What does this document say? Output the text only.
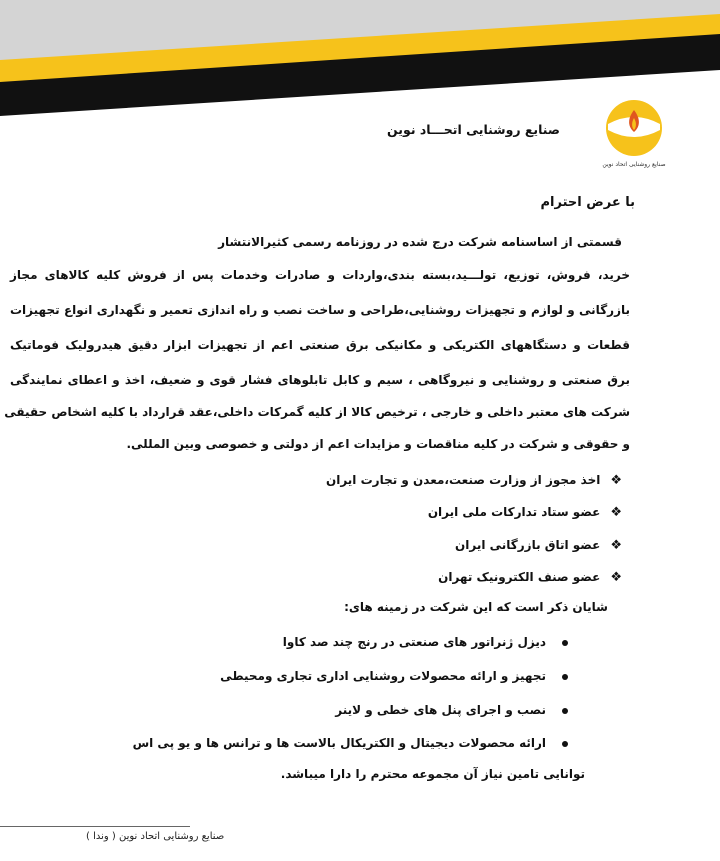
صنایع روشنایی اتحاد نوین
صنایع روشنایی اتحـــاد نوین
با عرض احترام
قسمتی از اساسنامه شرکت درج شده در روزنامه رسمی کثیرالانتشار
خرید، فروش، توزیع، تولـــید،بسته بندی،واردات و صادرات وخدمات پس از فروش کلیه کالاهای مجاز
بازرگانی و لوازم و تجهیزات روشنایی،طراحی و ساخت نصب و راه اندازی تعمیر و نگهداری انواع تجهیزات
قطعات و دستگاههای الکتریکی و مکانیکی برق صنعتی اعم از تجهیزات ابزار دقیق هیدرولیک فوماتیک
برق صنعتی و روشنایی و نیروگاهی ، سیم و کابل تابلوهای فشار قوی و ضعیف، اخذ و اعطای نمایندگی
شرکت های معتبر داخلی و خارجی ، ترخیص کالا از کلیه گمرکات داخلی،عقد قرارداد با کلیه اشخاص حقیقی
و حقوقی و شرکت در کلیه مناقصات و مزایدات اعم از دولتی و خصوصی وبین المللی.
❖اخذ مجوز از وزارت صنعت،معدن و تجارت ایران
❖عضو ستاد تدارکات ملی ایران
❖عضو اتاق بازرگانی ایران
❖عضو صنف الکترونیک تهران
شایان ذکر است که این شرکت در زمینه های:
دیزل ژنراتور های صنعتی در رنج چند صد کاوا
تجهیز و ارائه محصولات روشنایی اداری تجاری ومحیطی
نصب و اجرای پنل های خطی و لاینر
ارائه محصولات دیجیتال و الکتریکال بالاست ها و ترانس ها و یو پی اس
توانایی تامین نیاز آن مجموعه محترم را دارا میباشد.
صنایع روشنایی اتحاد نوین ( وندا )
